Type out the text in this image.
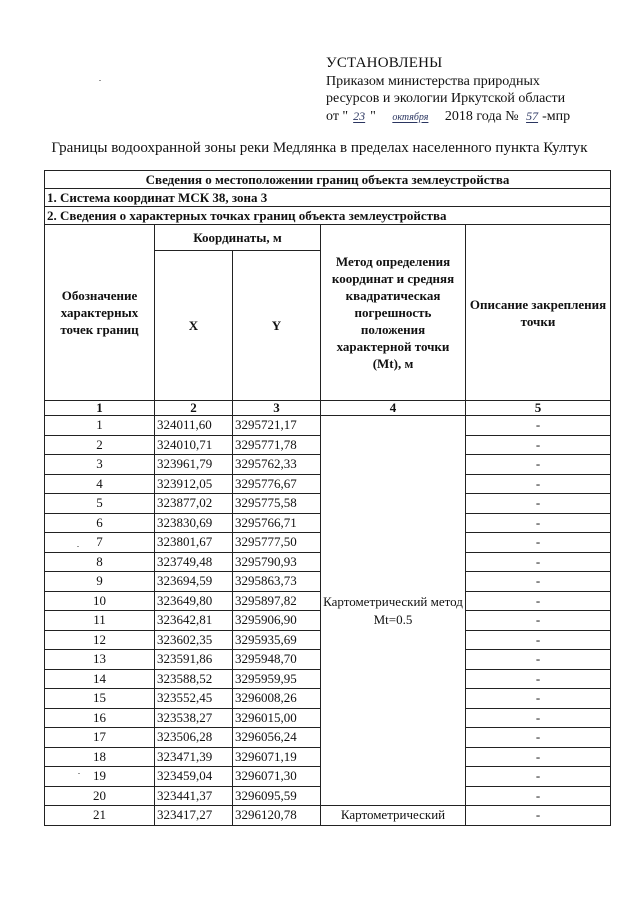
УСТАНОВЛЕНЫ
Приказом министерства природных
ресурсов и экологии Иркутской области
от " 23 " октября 2018 года № 57 -мпр
Границы водоохранной зоны реки Медлянка в пределах населенного пункта Култук
Сведения о местоположении границ объекта землеустройства				
1. Система координат МСК 38, зона 3				
2. Сведения о характерных точках границ объекта землеустройства				
Обозначение характерных точек границ	Координаты, м		Метод определения координат и средняя квадратическая погрешность положения характерной точки (Mt), м	Описание закрепления точки
	X	Y		
1	2	3	4	5
1	324011,60	3295721,17	Картометрический метод Mt=0.5	-
2	324010,71	3295771,78		-
3	323961,79	3295762,33		-
4	323912,05	3295776,67		-
5	323877,02	3295775,58		-
6	323830,69	3295766,71		-
7	323801,67	3295777,50		-
8	323749,48	3295790,93		-
9	323694,59	3295863,73		-
10	323649,80	3295897,82		-
11	323642,81	3295906,90		-
12	323602,35	3295935,69		-
13	323591,86	3295948,70		-
14	323588,52	3295959,95		-
15	323552,45	3296008,26		-
16	323538,27	3296015,00		-
17	323506,28	3296056,24		-
18	323471,39	3296071,19		-
19	323459,04	3296071,30		-
20	323441,37	3296095,59		-
21	323417,27	3296120,78	Картометрический	-
